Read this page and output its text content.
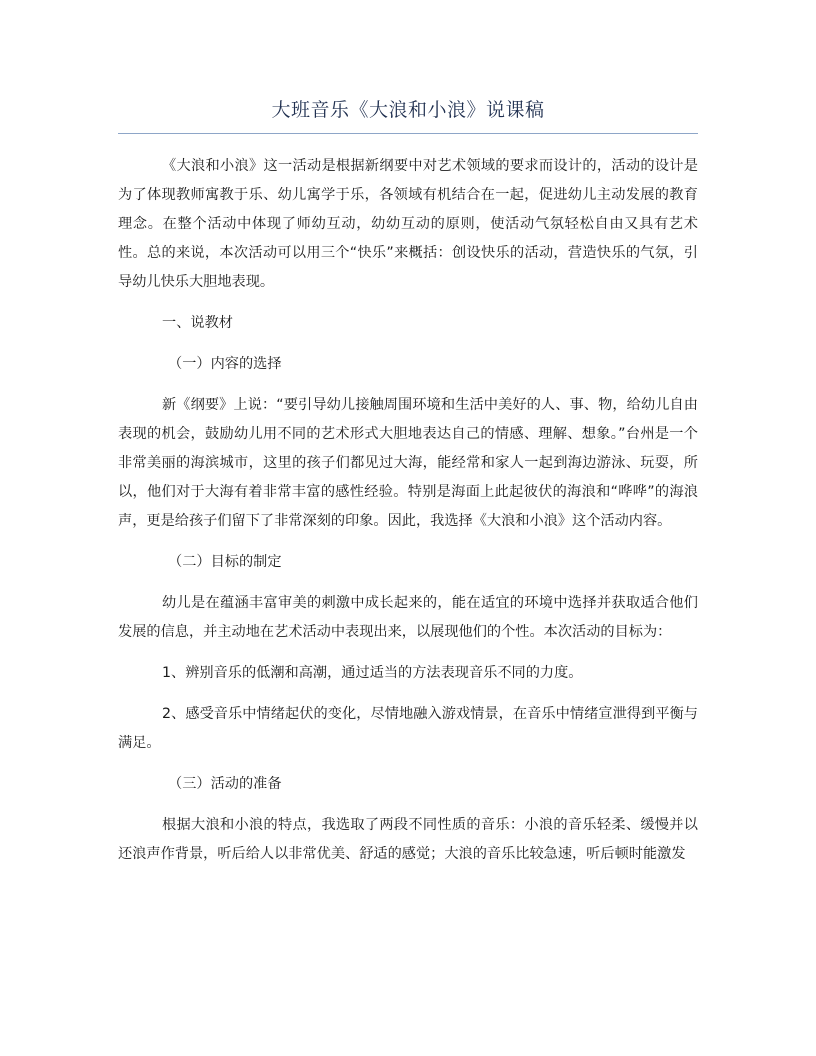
大班音乐《大浪和小浪》说课稿

《大浪和小浪》这一活动是根据新纲要中对艺术领域的要求而设计的，活动的设计是为了体现教师寓教于乐、幼儿寓学于乐，各领域有机结合在一起，促进幼儿主动发展的教育理念。在整个活动中体现了师幼互动，幼幼互动的原则，使活动气氛轻松自由又具有艺术性。总的来说，本次活动可以用三个“快乐”来概括：创设快乐的活动，营造快乐的气氛，引导幼儿快乐大胆地表现。

一、说教材

（一）内容的选择

新《纲要》上说：“要引导幼儿接触周围环境和生活中美好的人、事、物，给幼儿自由表现的机会，鼓励幼儿用不同的艺术形式大胆地表达自己的情感、理解、想象。”台州是一个非常美丽的海滨城市，这里的孩子们都见过大海，能经常和家人一起到海边游泳、玩耍，所以，他们对于大海有着非常丰富的感性经验。特别是海面上此起彼伏的海浪和“哗哗”的海浪声，更是给孩子们留下了非常深刻的印象。因此，我选择《大浪和小浪》这个活动内容。

（二）目标的制定

幼儿是在蕴涵丰富审美的刺激中成长起来的，能在适宜的环境中选择并获取适合他们发展的信息，并主动地在艺术活动中表现出来，以展现他们的个性。本次活动的目标为：

1、辨别音乐的低潮和高潮，通过适当的方法表现音乐不同的力度。

2、感受音乐中情绪起伏的变化，尽情地融入游戏情景，在音乐中情绪宣泄得到平衡与满足。

（三）活动的准备

根据大浪和小浪的特点，我选取了两段不同性质的音乐：小浪的音乐轻柔、缓慢并以还浪声作背景，听后给人以非常优美、舒适的感觉；大浪的音乐比较急速，听后顿时能激发
